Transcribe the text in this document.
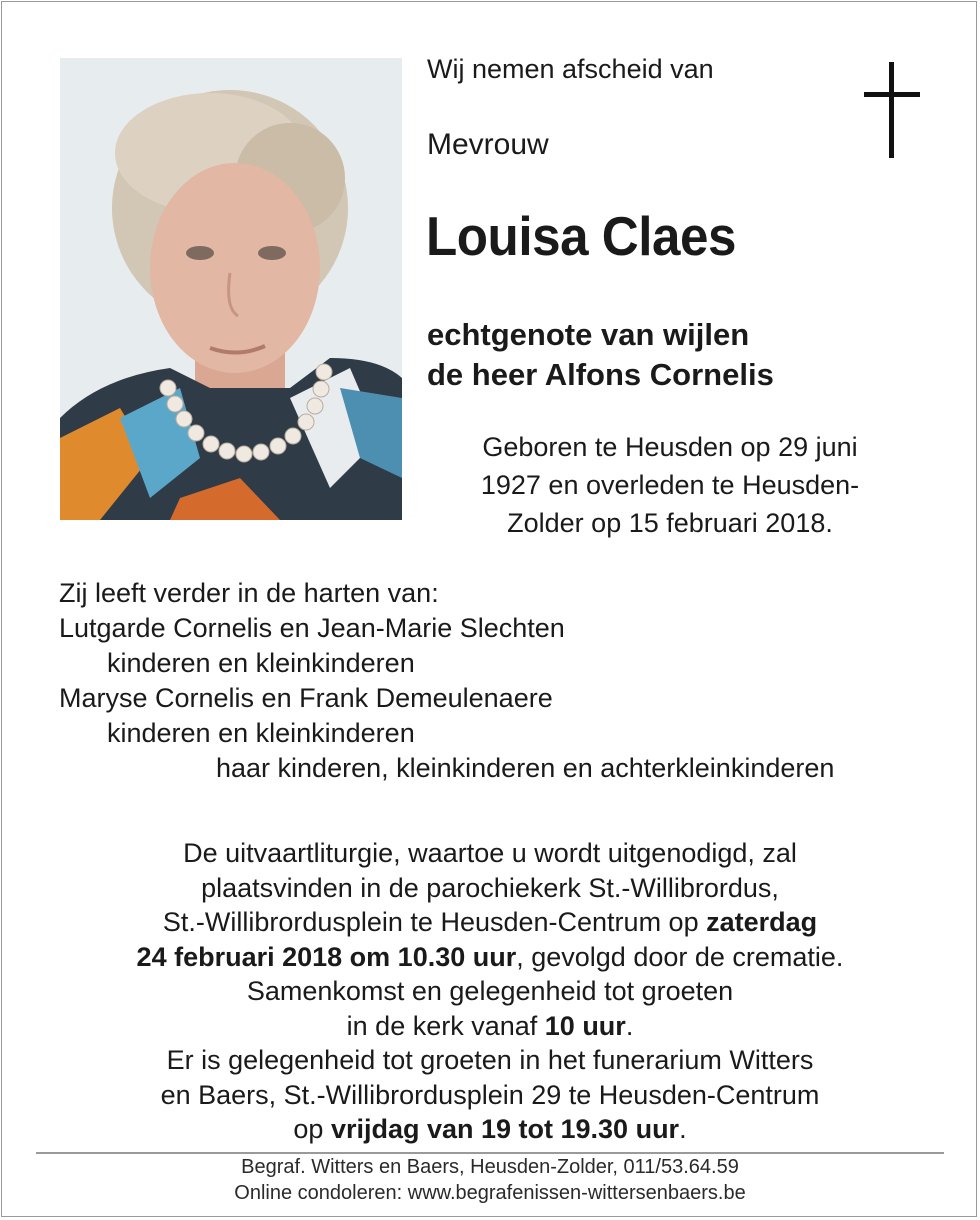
Wij nemen afscheid van
Mevrouw
Louisa Claes
echtgenote van wijlen
de heer Alfons Cornelis
Geboren te Heusden op 29 juni
1927 en overleden te Heusden-
Zolder op 15 februari 2018.
Zij leeft verder in de harten van:
Lutgarde Cornelis en Jean-Marie Slechten
kinderen en kleinkinderen
Maryse Cornelis en Frank Demeulenaere
kinderen en kleinkinderen
haar kinderen, kleinkinderen en achterkleinkinderen
De uitvaartliturgie, waartoe u wordt uitgenodigd, zal
plaatsvinden in de parochiekerk St.-Willibrordus,
St.-Willibrordusplein te Heusden-Centrum op zaterdag
24 februari 2018 om 10.30 uur, gevolgd door de crematie.
Samenkomst en gelegenheid tot groeten
in de kerk vanaf 10 uur.
Er is gelegenheid tot groeten in het funerarium Witters
en Baers, St.-Willibrordusplein 29 te Heusden-Centrum
op vrijdag van 19 tot 19.30 uur.
Begraf. Witters en Baers, Heusden-Zolder, 011/53.64.59
Online condoleren: www.begrafenissen-wittersenbaers.be
